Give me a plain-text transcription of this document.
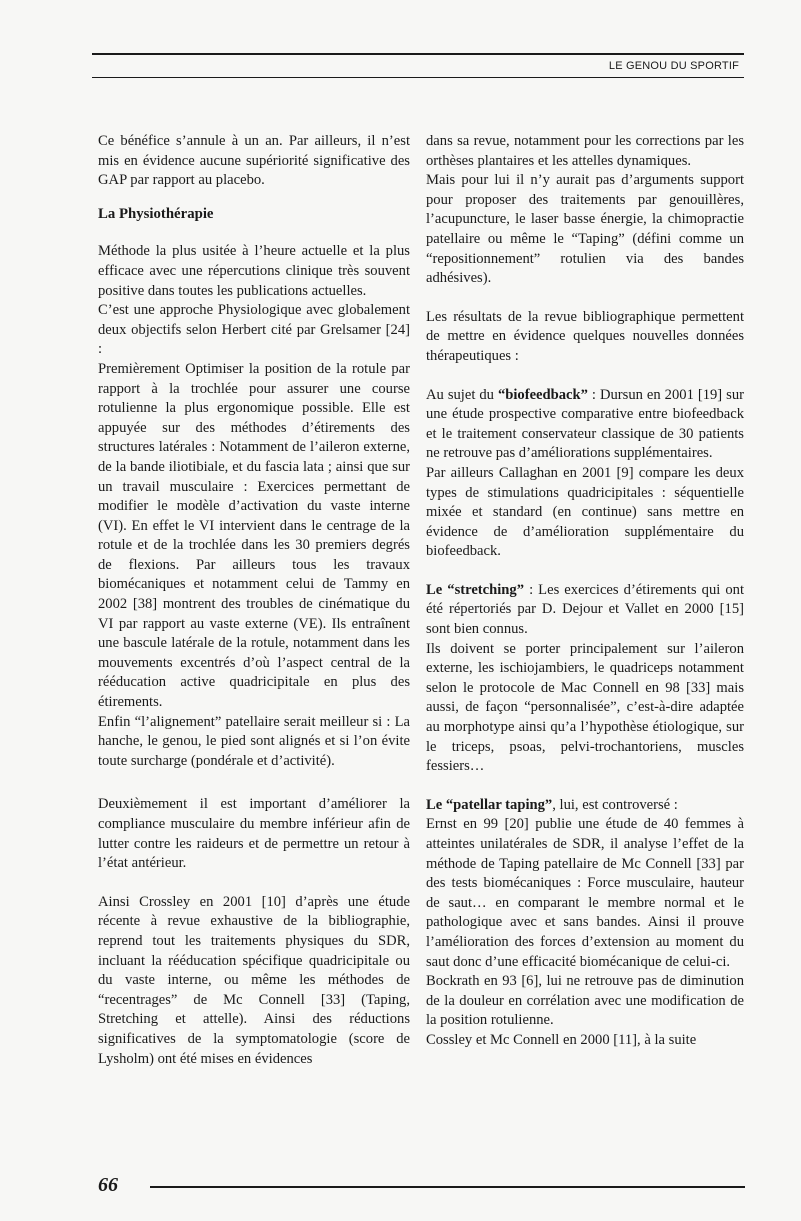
LE GENOU DU SPORTIF

Ce bénéfice s’annule à un an. Par ailleurs, il n’est mis en évidence aucune supériorité significative des GAP par rapport au placebo.

La Physiothérapie

Méthode la plus usitée à l’heure actuelle et la plus efficace avec une répercutions clinique très souvent positive dans toutes les publications actuelles.

C’est une approche Physiologique avec globalement deux objectifs selon Herbert cité par Grelsamer [24] :

Premièrement Optimiser la position de la rotule par rapport à la trochlée pour assurer une course rotulienne la plus ergonomique possible. Elle est appuyée sur des méthodes d’étirements des structures latérales : Notamment de l’aileron externe, de la bande iliotibiale, et du fascia lata ; ainsi que sur un travail musculaire : Exercices permettant de modifier le modèle d’activation du vaste interne (VI). En effet le VI intervient dans le centrage de la rotule et de la trochlée dans les 30 premiers degrés de flexions. Par ailleurs tous les travaux biomécaniques et notamment celui de Tammy en 2002 [38] montrent des troubles de cinématique du VI par rapport au vaste externe (VE). Ils entraînent une bascule latérale de la rotule, notamment dans les mouvements excentrés d’où l’aspect central de la rééducation active quadricipitale en plus des étirements.

Enfin “l’alignement” patellaire serait meilleur si : La hanche, le genou, le pied sont alignés et si l’on évite toute surcharge (pondérale et d’activité).

Deuxièmement il est important d’améliorer la compliance musculaire du membre inférieur afin de lutter contre les raideurs et de permettre un retour à l’état antérieur.

Ainsi Crossley en 2001 [10] d’après une étude récente à revue exhaustive de la bibliographie, reprend tout les traitements physiques du SDR, incluant la rééducation spécifique quadricipitale ou du vaste interne, ou même les méthodes de “recentrages” de Mc Connell [33] (Taping, Stretching et attelle). Ainsi des réductions significatives de la symptomatologie (score de Lysholm) ont été mises en évidences

dans sa revue, notamment pour les corrections par les orthèses plantaires et les attelles dynamiques.

Mais pour lui il n’y aurait pas d’arguments support pour proposer des traitements par genouillères, l’acupuncture, le laser basse énergie, la chimopractie patellaire ou même le “Taping” (défini comme un “repositionnement” rotulien via des bandes adhésives).

Les résultats de la revue bibliographique permettent de mettre en évidence quelques nouvelles données thérapeutiques :

Au sujet du “biofeedback” : Dursun en 2001 [19] sur une étude prospective comparative entre biofeedback et le traitement conservateur classique de 30 patients ne retrouve pas d’améliorations supplémentaires.

Par ailleurs Callaghan en 2001 [9] compare les deux types de stimulations quadricipitales : séquentielle mixée et standard (en continue) sans mettre en évidence de d’amélioration supplémentaire du biofeedback.

Le “stretching” : Les exercices d’étirements qui ont été répertoriés par D. Dejour et Vallet en 2000 [15] sont bien connus.

Ils doivent se porter principalement sur l’aileron externe, les ischiojambiers, le quadriceps notamment selon le protocole de Mac Connell en 98 [33] mais aussi, de façon “personnalisée”, c’est-à-dire adaptée au morphotype ainsi qu’a l’hypothèse étiologique, sur le triceps, psoas, pelvi-trochantoriens, muscles fessiers…

Le “patellar taping”, lui, est controversé :

Ernst en 99 [20] publie une étude de 40 femmes à atteintes unilatérales de SDR, il analyse l’effet de la méthode de Taping patellaire de Mc Connell [33] par des tests biomécaniques : Force musculaire, hauteur de saut… en comparant le membre normal et le pathologique avec et sans bandes. Ainsi il prouve l’amélioration des forces d’extension au moment du saut donc d’une efficacité biomécanique de celui-ci.

Bockrath en 93 [6], lui ne retrouve pas de diminution de la douleur en corrélation avec une modification de la position rotulienne.

Cossley et Mc Connell en 2000 [11], à la suite

66
